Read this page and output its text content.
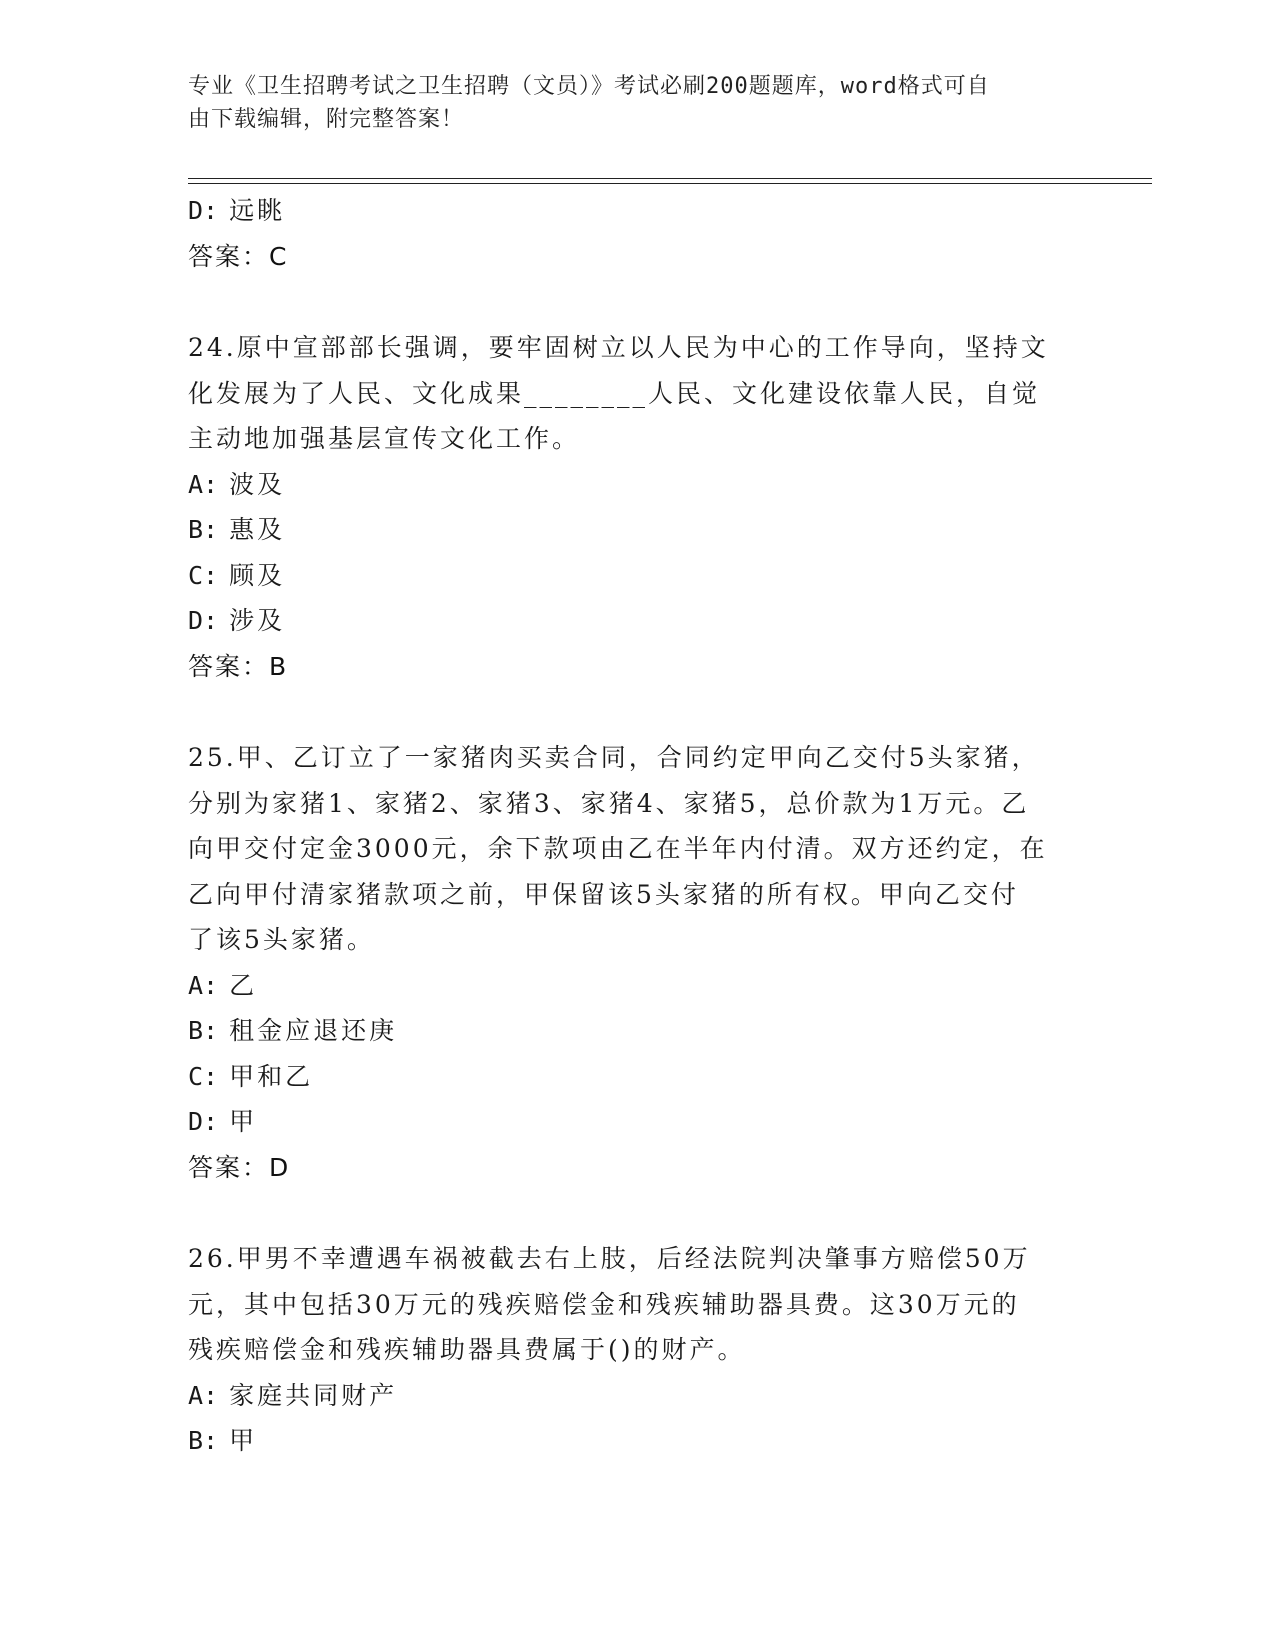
专业《卫生招聘考试之卫生招聘（文员）》考试必刷200题题库，word格式可自
由下载编辑，附完整答案！
D: 远眺
答案：C
24.原中宣部部长强调，要牢固树立以人民为中心的工作导向，坚持文
化发展为了人民、文化成果________人民、文化建设依靠人民，自觉
主动地加强基层宣传文化工作。
A: 波及
B: 惠及
C: 顾及
D: 涉及
答案：B
25.甲、乙订立了一家猪肉买卖合同，合同约定甲向乙交付5头家猪，
分别为家猪1、家猪2、家猪3、家猪4、家猪5，总价款为1万元。乙
向甲交付定金3000元，余下款项由乙在半年内付清。双方还约定，在
乙向甲付清家猪款项之前，甲保留该5头家猪的所有权。甲向乙交付
了该5头家猪。
A: 乙
B: 租金应退还庚
C: 甲和乙
D: 甲
答案：D
26.甲男不幸遭遇车祸被截去右上肢，后经法院判决肇事方赔偿50万
元，其中包括30万元的残疾赔偿金和残疾辅助器具费。这30万元的
残疾赔偿金和残疾辅助器具费属于()的财产。
A: 家庭共同财产
B: 甲
